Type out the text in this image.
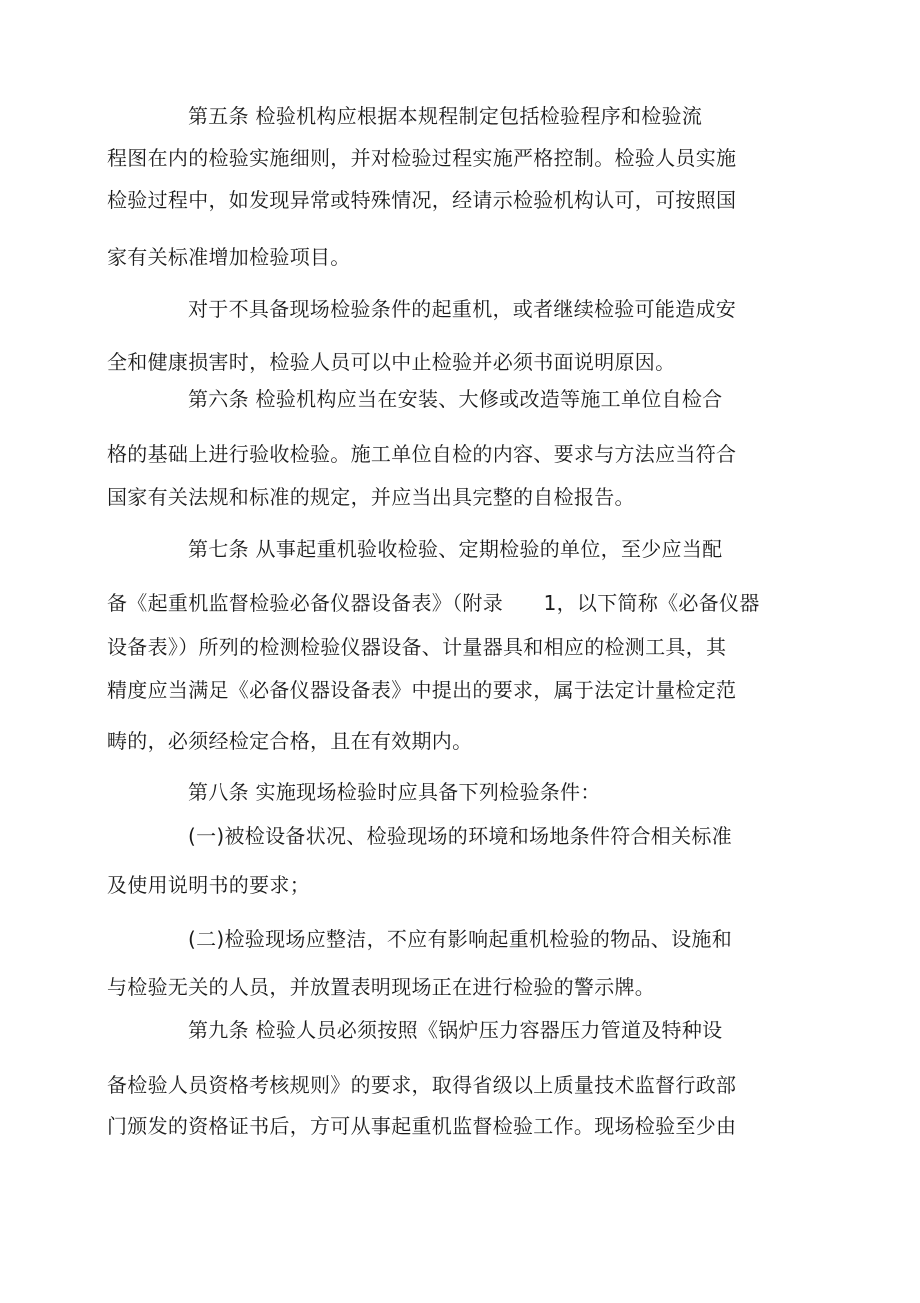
第五条 检验机构应根据本规程制定包括检验程序和检验流
程图在内的检验实施细则，并对检验过程实施严格控制。检验人员实施
检验过程中，如发现异常或特殊情况，经请示检验机构认可，可按照国
家有关标准增加检验项目。
对于不具备现场检验条件的起重机，或者继续检验可能造成安
全和健康损害时，检验人员可以中止检验并必须书面说明原因。
第六条 检验机构应当在安装、大修或改造等施工单位自检合
格的基础上进行验收检验。施工单位自检的内容、要求与方法应当符合
国家有关法规和标准的规定，并应当出具完整的自检报告。
第七条 从事起重机验收检验、定期检验的单位，至少应当配
备《起重机监督检验必备仪器设备表》（附录　　1，以下简称《必备仪器
设备表》）所列的检测检验仪器设备、计量器具和相应的检测工具，其
精度应当满足《必备仪器设备表》中提出的要求，属于法定计量检定范
畴的，必须经检定合格，且在有效期内。
第八条 实施现场检验时应具备下列检验条件：
(一)被检设备状况、检验现场的环境和场地条件符合相关标准
及使用说明书的要求；
(二)检验现场应整洁，不应有影响起重机检验的物品、设施和
与检验无关的人员，并放置表明现场正在进行检验的警示牌。
第九条 检验人员必须按照《锅炉压力容器压力管道及特种设
备检验人员资格考核规则》的要求，取得省级以上质量技术监督行政部
门颁发的资格证书后，方可从事起重机监督检验工作。现场检验至少由
